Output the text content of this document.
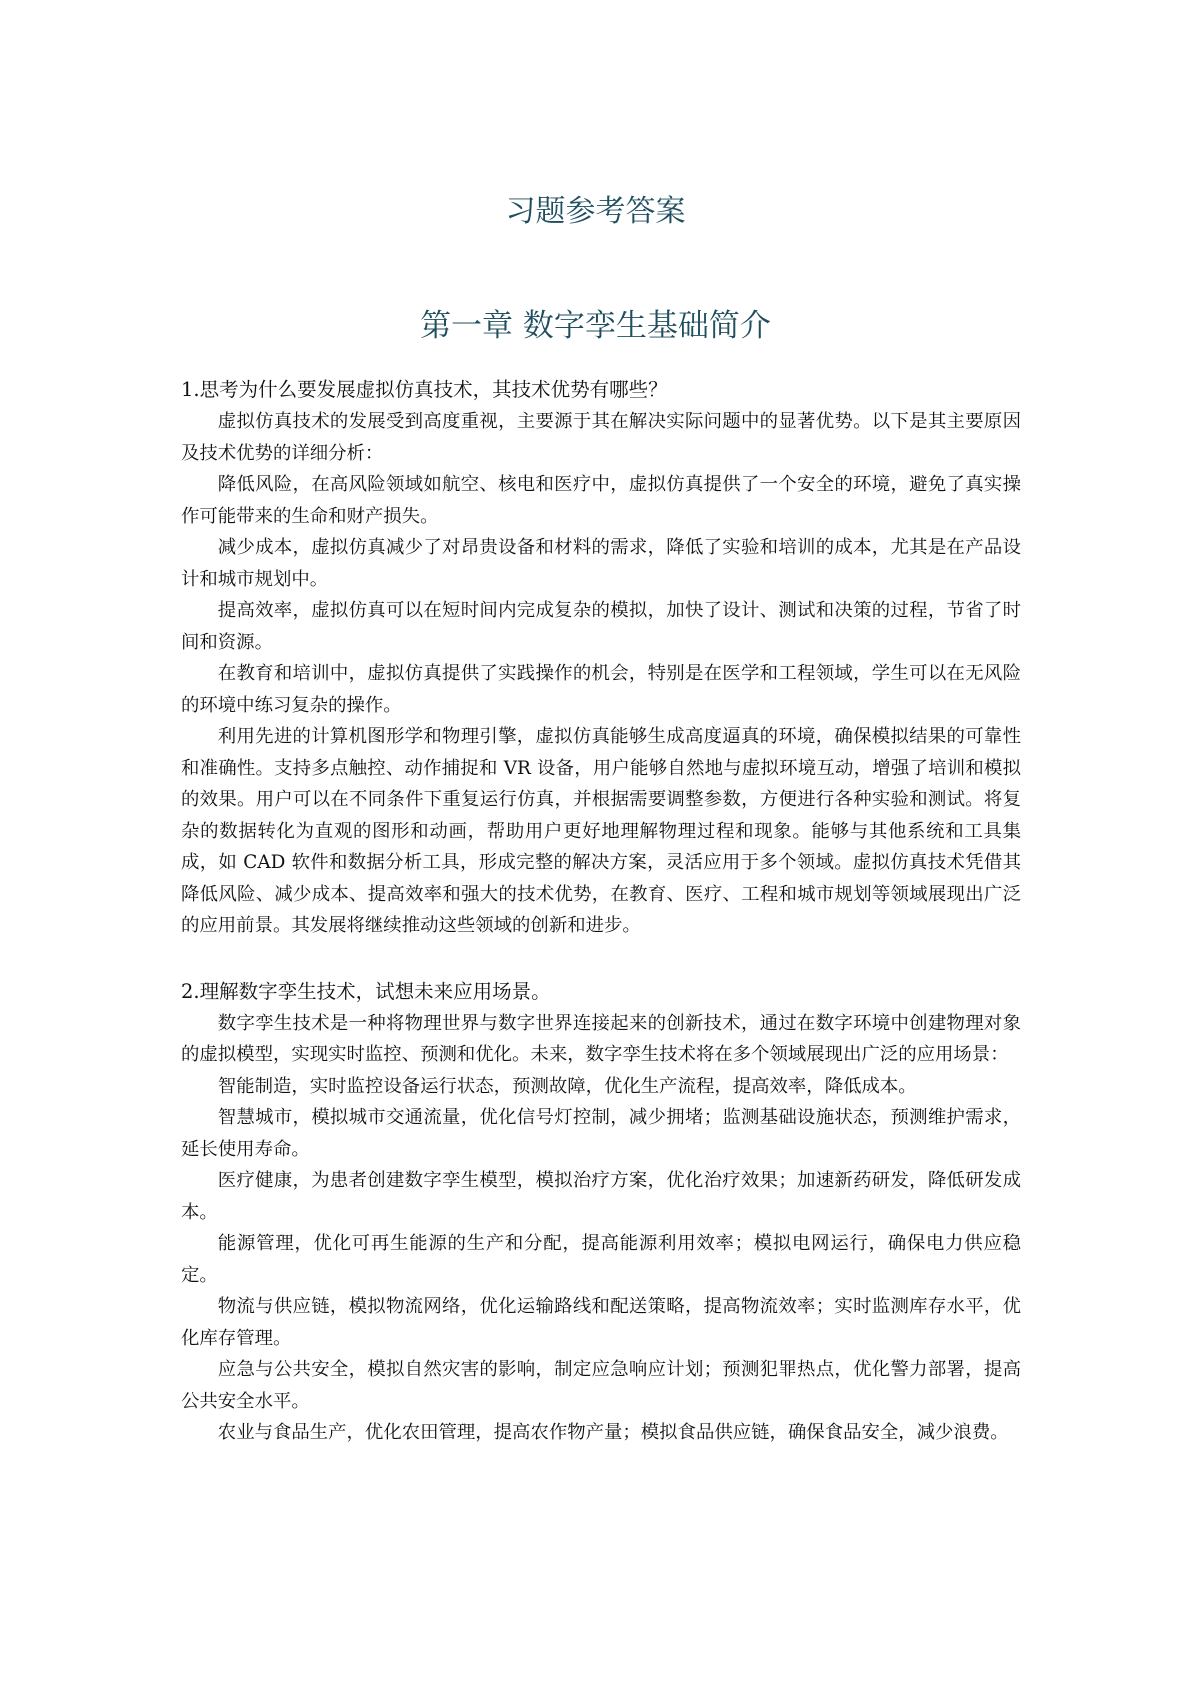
习题参考答案
第一章 数字孪生基础简介

1.思考为什么要发展虚拟仿真技术，其技术优势有哪些？

虚拟仿真技术的发展受到高度重视，主要源于其在解决实际问题中的显著优势。以下是其主要原因及技术优势的详细分析：

降低风险，在高风险领域如航空、核电和医疗中，虚拟仿真提供了一个安全的环境，避免了真实操作可能带来的生命和财产损失。

减少成本，虚拟仿真减少了对昂贵设备和材料的需求，降低了实验和培训的成本，尤其是在产品设计和城市规划中。

提高效率，虚拟仿真可以在短时间内完成复杂的模拟，加快了设计、测试和决策的过程，节省了时间和资源。

在教育和培训中，虚拟仿真提供了实践操作的机会，特别是在医学和工程领域，学生可以在无风险的环境中练习复杂的操作。

利用先进的计算机图形学和物理引擎，虚拟仿真能够生成高度逼真的环境，确保模拟结果的可靠性和准确性。支持多点触控、动作捕捉和 VR 设备，用户能够自然地与虚拟环境互动，增强了培训和模拟的效果。用户可以在不同条件下重复运行仿真，并根据需要调整参数，方便进行各种实验和测试。将复杂的数据转化为直观的图形和动画，帮助用户更好地理解物理过程和现象。能够与其他系统和工具集成，如 CAD 软件和数据分析工具，形成完整的解决方案，灵活应用于多个领域。虚拟仿真技术凭借其降低风险、减少成本、提高效率和强大的技术优势，在教育、医疗、工程和城市规划等领域展现出广泛的应用前景。其发展将继续推动这些领域的创新和进步。

2.理解数字孪生技术，试想未来应用场景。

数字孪生技术是一种将物理世界与数字世界连接起来的创新技术，通过在数字环境中创建物理对象的虚拟模型，实现实时监控、预测和优化。未来，数字孪生技术将在多个领域展现出广泛的应用场景：

智能制造，实时监控设备运行状态，预测故障，优化生产流程，提高效率，降低成本。

智慧城市，模拟城市交通流量，优化信号灯控制，减少拥堵；监测基础设施状态，预测维护需求，延长使用寿命。

医疗健康，为患者创建数字孪生模型，模拟治疗方案，优化治疗效果；加速新药研发，降低研发成本。

能源管理，优化可再生能源的生产和分配，提高能源利用效率；模拟电网运行，确保电力供应稳定。

物流与供应链，模拟物流网络，优化运输路线和配送策略，提高物流效率；实时监测库存水平，优化库存管理。

应急与公共安全，模拟自然灾害的影响，制定应急响应计划；预测犯罪热点，优化警力部署，提高公共安全水平。

农业与食品生产，优化农田管理，提高农作物产量；模拟食品供应链，确保食品安全，减少浪费。
